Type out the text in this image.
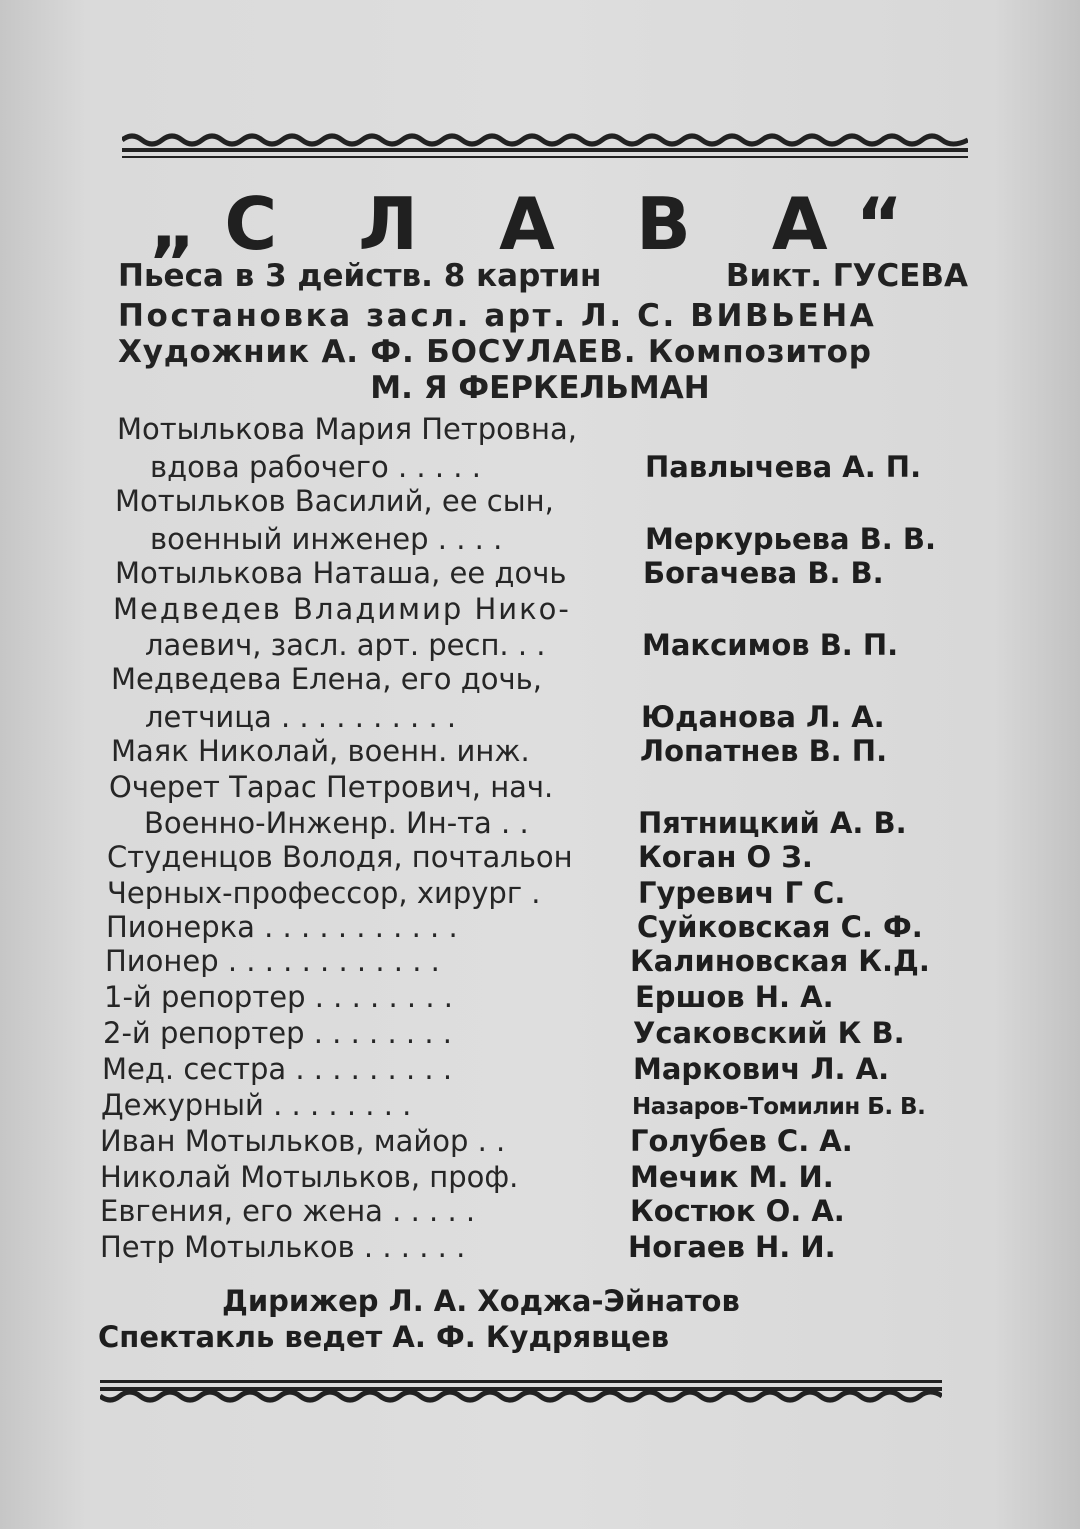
„С Л А В А“
Пьеса в 3 действ. 8 картин	Викт. ГУСЕВА
Постановка засл. арт. Л. С. ВИВЬЕНА
Художник А. Ф. БОСУЛАЕВ. Композитор
М. Я ФЕРКЕЛЬМАН
Мотылькова Мария Петровна,
вдова рабочего . . . . .	Павлычева А. П.
Мотыльков Василий, ее сын,
военный инженер . . . .	Меркурьева В. В.
Мотылькова Наташа, ее дочь	Богачева В. В.
Медведев Владимир Нико-
лаевич, засл. арт. респ. . .	Максимов В. П.
Медведева Елена, его дочь,
летчица . . . . . . . . . .	Юданова Л. А.
Маяк Николай, военн. инж.	Лопатнев В. П.
Очерет Тарас Петрович, нач.
Военно-Инженр. Ин-та . .	Пятницкий А. В.
Студенцов Володя, почтальон Коган О З.
Черных-профессор, хирург .	Гуревич Г С.
Пионерка . . . . . . . . . . .	Суйковская С. Ф.
Пионер . . . . . . . . . . . .	Калиновская К.Д.
1-й репортер . . . . . . . .	Ершов Н. А.
2-й репортер . . . . . . . .	Усаковский К В.
Мед. сестра . . . . . . . . .	Маркович Л. А.
Дежурный . . . . . . . .	Назаров-Томилин Б. В.
Иван Мотыльков, майор . .	Голубев С. А.
Николай Мотыльков, проф.	Мечик М. И.
Евгения, его жена . . . . .	Костюк О. А.
Петр Мотыльков . . . . . .	Ногаев Н. И.
Дирижер Л. А. Ходжа-Эйнатов
Спектакль ведет А. Ф. Кудрявцев
